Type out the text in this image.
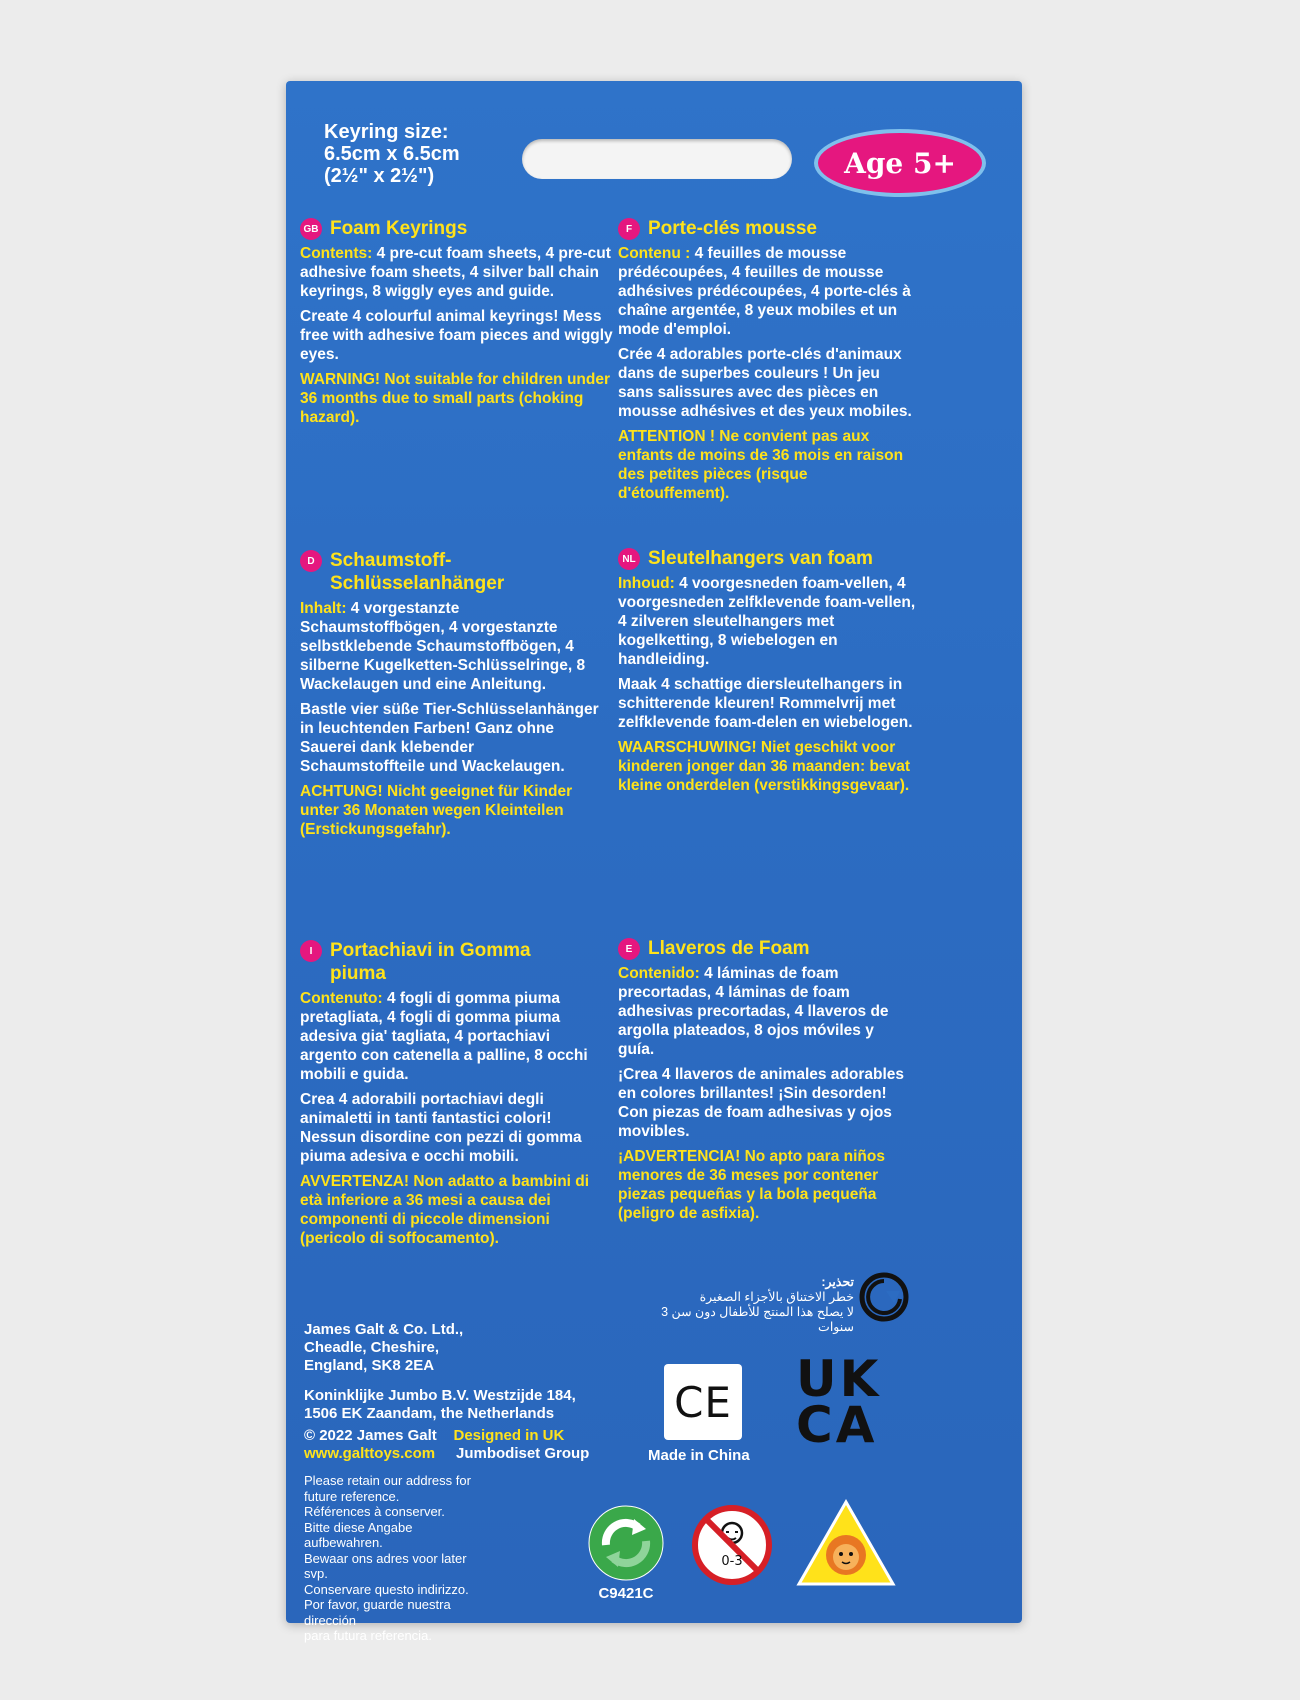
Keyring size:
6.5cm x 6.5cm
(2½" x 2½")	Age 5+
GB Foam Keyrings

Contents: 4 pre-cut foam sheets, 4 pre-cut adhesive foam sheets, 4 silver ball chain keyrings, 8 wiggly eyes and guide.

Create 4 colourful animal keyrings! Mess free with adhesive foam pieces and wiggly eyes.

WARNING! Not suitable for children under 36 months due to small parts (choking hazard).

F Porte-clés mousse

Contenu : 4 feuilles de mousse prédécoupées, 4 feuilles de mousse adhésives prédécoupées, 4 porte-clés à chaîne argentée, 8 yeux mobiles et un mode d'emploi.

Crée 4 adorables porte-clés d'animaux dans de superbes couleurs ! Un jeu sans salissures avec des pièces en mousse adhésives et des yeux mobiles.

ATTENTION ! Ne convient pas aux enfants de moins de 36 mois en raison des petites pièces (risque d'étouffement).

D Schaumstoff-Schlüsselanhänger

Inhalt: 4 vorgestanzte Schaumstoffbögen, 4 vorgestanzte selbstklebende Schaumstoffbögen, 4 silberne Kugelketten-Schlüsselringe, 8 Wackelaugen und eine Anleitung.

Bastle vier süße Tier-Schlüsselanhänger in leuchtenden Farben! Ganz ohne Sauerei dank klebender Schaumstoffteile und Wackelaugen.

ACHTUNG! Nicht geeignet für Kinder unter 36 Monaten wegen Kleinteilen (Erstickungsgefahr).

NL Sleutelhangers van foam

Inhoud: 4 voorgesneden foam-vellen, 4 voorgesneden zelfklevende foam-vellen, 4 zilveren sleutelhangers met kogelketting, 8 wiebelogen en handleiding.

Maak 4 schattige diersleutelhangers in schitterende kleuren! Rommelvrij met zelfklevende foam-delen en wiebelogen.

WAARSCHUWING! Niet geschikt voor kinderen jonger dan 36 maanden: bevat kleine onderdelen (verstikkingsgevaar).

I Portachiavi in Gomma piuma

Contenuto: 4 fogli di gomma piuma pretagliata, 4 fogli di gomma piuma adesiva gia' tagliata, 4 portachiavi argento con catenella a palline, 8 occhi mobili e guida.

Crea 4 adorabili portachiavi degli animaletti in tanti fantastici colori! Nessun disordine con pezzi di gomma piuma adesiva e occhi mobili.

AVVERTENZA! Non adatto a bambini di età inferiore a 36 mesi a causa dei componenti di piccole dimensioni (pericolo di soffocamento).

E Llaveros de Foam

Contenido: 4 láminas de foam precortadas, 4 láminas de foam adhesivas precortadas, 4 llaveros de argolla plateados, 8 ojos móviles y guía.

¡Crea 4 llaveros de animales adorables en colores brillantes! ¡Sin desorden! Con piezas de foam adhesivas y ojos movibles.

¡ADVERTENCIA! No apto para niños menores de 36 meses por contener piezas pequeñas y la bola pequeña (peligro de asfixia).

تحذير:
خطر الاختناق بالأجزاء الصغيرة
لا يصلح هذا المنتج للأطفال دون سن 3 سنوات

James Galt & Co. Ltd.,
Cheadle, Cheshire,
England, SK8 2EA

Koninklijke Jumbo B.V. Westzijde 184,
1506 EK Zaandam, the Netherlands

© 2022 James Galt Designed in UK
www.galttoys.com Jumbodiset Group
Please retain our address for future reference.
Références à conserver.
Bitte diese Angabe aufbewahren.
Bewaar ons adres voor later svp.
Conservare questo indirizzo.
Por favor, guarde nuestra dirección
para futura referencia.
CE
Made in China
UK
CA
C9421C
0-3
